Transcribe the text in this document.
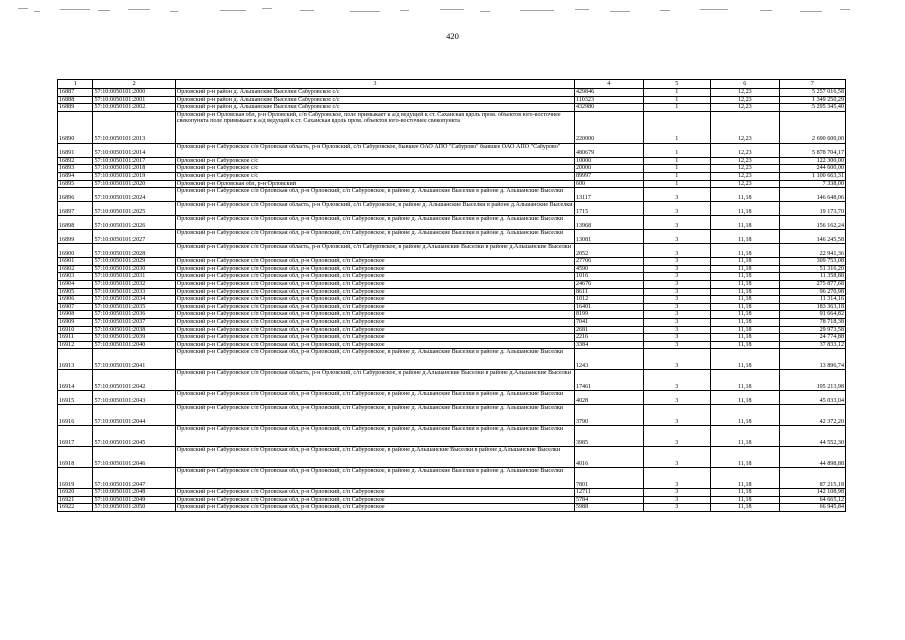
420
1	2	3	4	5	6	7
16887	57:10:0050101:2000	Орловский р-н район д. Альшанские Выселки Сабуровское с/с	429846	1	12,23	5 257 016,58
16888	57:10:0050101:2001	Орловский р-н район д. Альшанские Выселки Сабуровское с/с	110323	1	12,23	1 349 250,29
16889	57:10:0050101:2002	Орловский р-н район д. Альшанские Выселки Сабуровское с/с	432980	1	12,23	5 295 345,40
16890	57:10:0050101:2013	Орловский р-н Орловская обл, р-н Орловский, с/п Сабуровское, поле примыкает к а/д ведущей к ст. Саханская вдоль пром. объектов юго-восточнее свекопункта поле примыкает к а/д ведущей к ст. Саханская вдоль пром. объектов юго-восточнее свекопункта	220000	1	12,23	2 690 600,00
16891	57:10:0050101:2014	Орловский р-н Сабуровское с/п Орловская область, р-н Орловский, с/п Сабуровское, бывшее ОАО АПО "Сабурово" бывшее ОАО АПО "Сабурово"	480679	1	12,23	5 878 704,17
16892	57:10:0050101:2017	Орловский р-н Сабуровское с/с	10000	1	12,23	122 300,00
16893	57:10:0050101:2018	Орловский р-н Сабуровское с/с	20000	1	12,23	244 600,00
16894	57:10:0050101:2019	Орловский р-н Сабуровское с/с	89997	1	12,23	1 100 663,31
16895	57:10:0050101:2020	Орловский р-н Орловская обл, р-н Орловский	600	1	12,23	7 338,00
16896	57:10:0050101:2024	Орловский р-н Сабуровское с/п Орловская обл, р-н Орловский, с/п Сабуровское, в районе д. Альшанские Выселки в районе д. Альшанские Выселки	13117	3	11,18	146 648,06
16897	57:10:0050101:2025	Орловский р-н Сабуровское с/п Орловская область, р-н Орловский, с/п Сабуровское, в районе д. Альшанские Выселки в районе д.Альшанские Выселки	1715	3	11,18	19 173,70
16898	57:10:0050101:2026	Орловский р-н Сабуровское с/п Орловская обл, р-н Орловский, с/п Сабуровское, в районе д. Альшанские Выселки в районе д. Альшанские Выселки	13968	3	11,18	156 162,24
16899	57:10:0050101:2027	Орловский р-н Сабуровское с/п Орловская обл, р-н Орловский, с/п Сабуровское, в районе д. Альшанские Выселки в районе д. Альшанские Выселки	13081	3	11,18	146 245,58
16900	57:10:0050101:2028	Орловский р-н Сабуровское с/п Орловская область, р-н Орловский, с/п Сабуровское, в районе д.Альшанские Выселки в районе д.Альшанские Выселки	2052	3	11,18	22 941,36
16901	57:10:0050101:2029	Орловский р-н Сабуровское с/п Орловская обл, р-н Орловский, с/п Сабуровское	27706	3	11,18	309 753,08
16902	57:10:0050101:2030	Орловский р-н Сабуровское с/п Орловская обл, р-н Орловский, с/п Сабуровское	4590	3	11,18	51 316,20
16903	57:10:0050101:2031	Орловский р-н Сабуровское с/п Орловская обл, р-н Орловский, с/п Сабуровское	1016	3	11,18	11 358,88
16904	57:10:0050101:2032	Орловский р-н Сабуровское с/п Орловская обл, р-н Орловский, с/п Сабуровское	24676	3	11,18	275 877,68
16905	57:10:0050101:2033	Орловский р-н Сабуровское с/п Орловская обл, р-н Орловский, с/п Сабуровское	8611	3	11,18	96 270,98
16906	57:10:0050101:2034	Орловский р-н Сабуровское с/п Орловская обл, р-н Орловский, с/п Сабуровское	1012	3	11,18	11 314,16
16907	57:10:0050101:2035	Орловский р-н Сабуровское с/п Орловская обл, р-н Орловский, с/п Сабуровское	16401	3	11,18	183 363,18
16908	57:10:0050101:2036	Орловский р-н Сабуровское с/п Орловская обл, р-н Орловский, с/п Сабуровское	8199	3	11,18	91 664,82
16909	57:10:0050101:2037	Орловский р-н Сабуровское с/п Орловская обл, р-н Орловский, с/п Сабуровское	7041	3	11,18	78 718,38
16910	57:10:0050101:2038	Орловский р-н Сабуровское с/п Орловская обл, р-н Орловский, с/п Сабуровское	2681	3	11,18	29 973,58
16911	57:10:0050101:2039	Орловский р-н Сабуровское с/п Орловская обл, р-н Орловский, с/п Сабуровское	2216	3	11,18	24 774,88
16912	57:10:0050101:2040	Орловский р-н Сабуровское с/п Орловская обл, р-н Орловский, с/п Сабуровское	3384	3	11,18	37 833,12
16913	57:10:0050101:2041	Орловский р-н Сабуровское с/п Орловская обл, р-н Орловский, с/п Сабуровское, в районе д. Альшанские Выселки в районе д. Альшанские Выселки	1243	3	11,18	13 896,74
16914	57:10:0050101:2042	Орловский р-н Сабуровское с/п Орловская область, р-н Орловский, с/п Сабуровское, в районе д.Альшанские Выселки в районе д.Альшанские Выселки	17461	3	11,18	195 213,98
16915	57:10:0050101:2043	Орловский р-н Сабуровское с/п Орловская обл, р-н Орловский, с/п Сабуровское, в районе д. Альшанские Выселки в районе д. Альшанские Выселки	4028	3	11,18	45 033,04
16916	57:10:0050101:2044	Орловский р-н Сабуровское с/п Орловская обл, р-н Орловский, с/п Сабуровское, в районе д. Альшанские Выселки в районе д. Альшанские Выселки	3790	3	11,18	42 372,20
16917	57:10:0050101:2045	Орловский р-н Сабуровское с/п Орловская обл, р-н Орловский, с/п Сабуровское, в районе д. Альшанские Выселки в районе д. Альшанские Выселки	3985	3	11,18	44 552,30
16918	57:10:0050101:2046	Орловский р-н Сабуровское с/п Орловская обл, р-н Орловский, с/п Сабуровское, в районе д.Альшанские Выселки в районе д.Альшанские Выселки	4016	3	11,18	44 898,88
16919	57:10:0050101:2047	Орловский р-н Сабуровское с/п Орловская обл, р-н Орловский, с/п Сабуровское, в районе д. Альшанские Выселки в районе д. Альшанские Выселки	7801	3	11,18	87 215,18
16920	57:10:0050101:2048	Орловский р-н Сабуровское с/п Орловская обл, р-н Орловский, с/п Сабуровское	12711	3	11,18	142 108,98
16921	57:10:0050101:2049	Орловский р-н Сабуровское с/п Орловская обл, р-н Орловский, с/п Сабуровское	5784	3	11,18	64 665,12
16922	57:10:0050101:2050	Орловский р-н Сабуровское с/п Орловская обл, р-н Орловский, с/п Сабуровское	5988	3	11,18	66 945,84
